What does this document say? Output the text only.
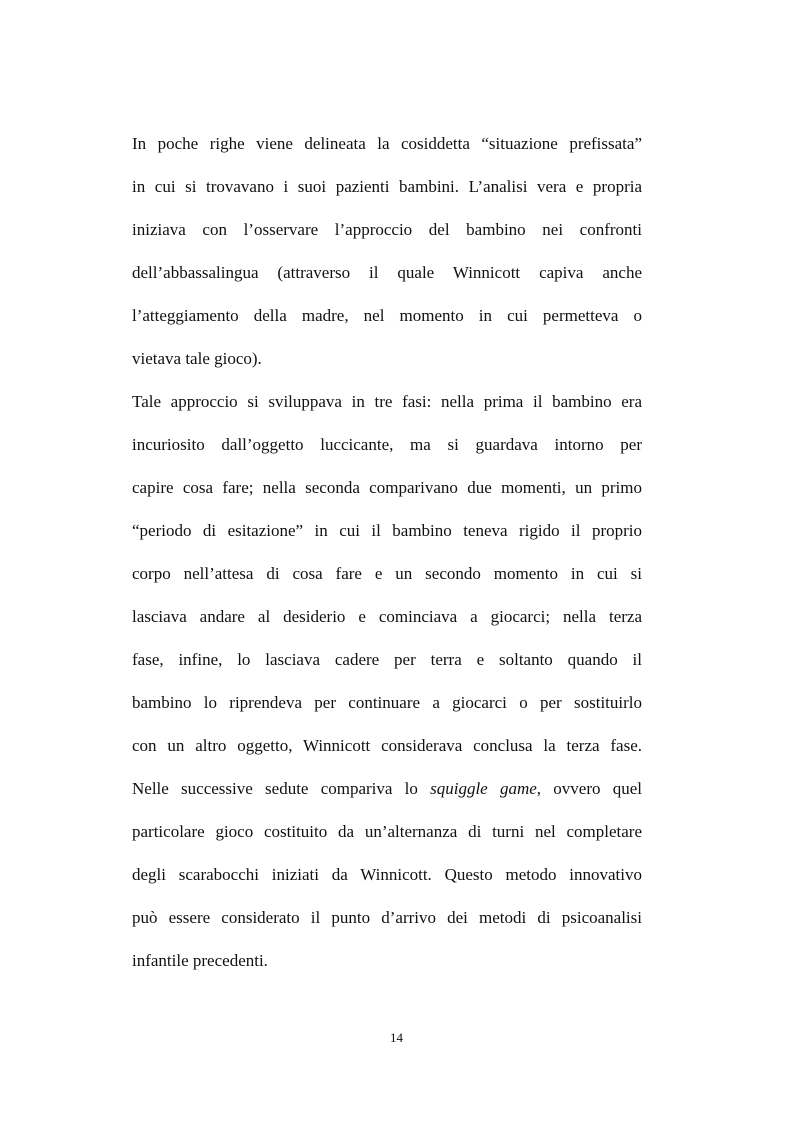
In poche righe viene delineata la cosiddetta “situazione prefissata”
in cui si trovavano i suoi pazienti bambini. L’analisi vera e propria
iniziava con l’osservare l’approccio del bambino nei confronti
dell’abbassalingua (attraverso il quale Winnicott capiva anche
l’atteggiamento della madre, nel momento in cui permetteva o
vietava tale gioco).
Tale approccio si sviluppava in tre fasi: nella prima il bambino era
incuriosito dall’oggetto luccicante, ma si guardava intorno per
capire cosa fare; nella seconda comparivano due momenti, un primo
“periodo di esitazione” in cui il bambino teneva rigido il proprio
corpo nell’attesa di cosa fare e un secondo momento in cui si
lasciava andare al desiderio e cominciava a giocarci; nella terza
fase, infine, lo lasciava cadere per terra e soltanto quando il
bambino lo riprendeva per continuare a giocarci o per sostituirlo
con un altro oggetto, Winnicott considerava conclusa la terza fase.
Nelle successive sedute compariva lo squiggle game, ovvero quel
particolare gioco costituito da un’alternanza di turni nel completare
degli scarabocchi iniziati da Winnicott. Questo metodo innovativo
può essere considerato il punto d’arrivo dei metodi di psicoanalisi
infantile precedenti.
14
